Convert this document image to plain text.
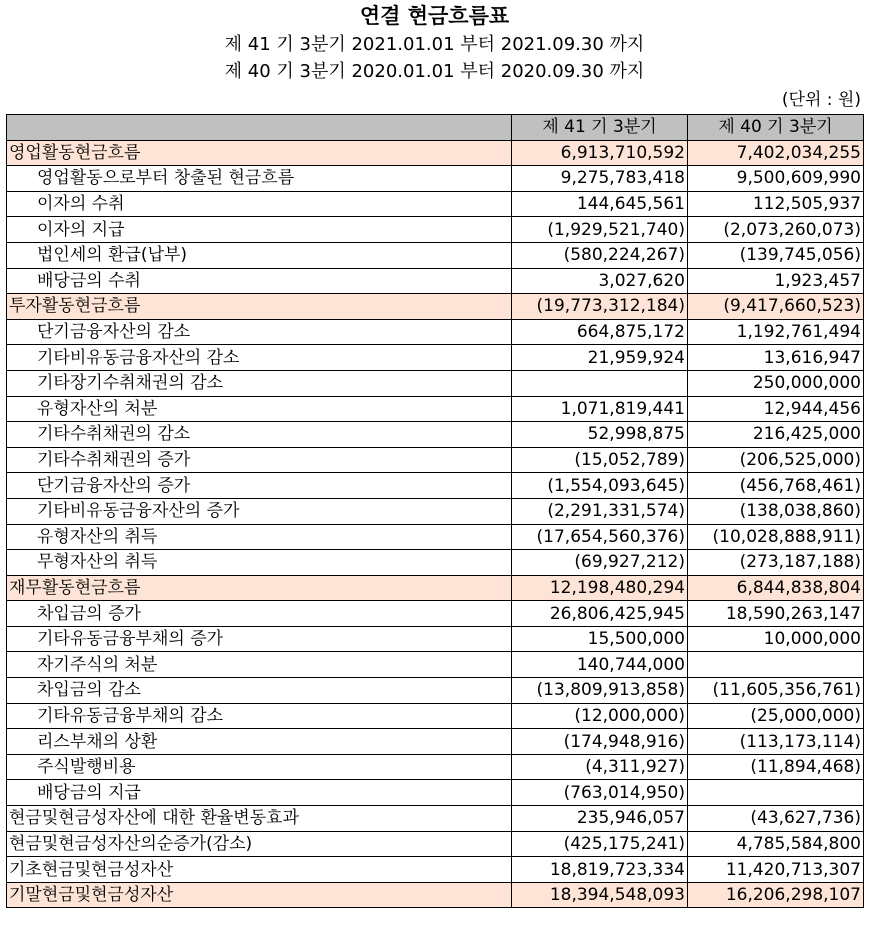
연결 현금흐름표
제 41 기 3분기 2021.01.01 부터 2021.09.30 까지
제 40 기 3분기 2020.01.01 부터 2020.09.30 까지
(단위 : 원)
	제 41 기 3분기	제 40 기 3분기
영업활동현금흐름	6,913,710,592	7,402,034,255
영업활동으로부터 창출된 현금흐름	9,275,783,418	9,500,609,990
이자의 수취	144,645,561	112,505,937
이자의 지급	(1,929,521,740)	(2,073,260,073)
법인세의 환급(납부)	(580,224,267)	(139,745,056)
배당금의 수취	3,027,620	1,923,457
투자활동현금흐름	(19,773,312,184)	(9,417,660,523)
단기금융자산의 감소	664,875,172	1,192,761,494
기타비유동금융자산의 감소	21,959,924	13,616,947
기타장기수취채권의 감소		250,000,000
유형자산의 처분	1,071,819,441	12,944,456
기타수취채권의 감소	52,998,875	216,425,000
기타수취채권의 증가	(15,052,789)	(206,525,000)
단기금융자산의 증가	(1,554,093,645)	(456,768,461)
기타비유동금융자산의 증가	(2,291,331,574)	(138,038,860)
유형자산의 취득	(17,654,560,376)	(10,028,888,911)
무형자산의 취득	(69,927,212)	(273,187,188)
재무활동현금흐름	12,198,480,294	6,844,838,804
차입금의 증가	26,806,425,945	18,590,263,147
기타유동금융부채의 증가	15,500,000	10,000,000
자기주식의 처분	140,744,000	
차입금의 감소	(13,809,913,858)	(11,605,356,761)
기타유동금융부채의 감소	(12,000,000)	(25,000,000)
리스부채의 상환	(174,948,916)	(113,173,114)
주식발행비용	(4,311,927)	(11,894,468)
배당금의 지급	(763,014,950)	
현금및현금성자산에 대한 환율변동효과	235,946,057	(43,627,736)
현금및현금성자산의순증가(감소)	(425,175,241)	4,785,584,800
기초현금및현금성자산	18,819,723,334	11,420,713,307
기말현금및현금성자산	18,394,548,093	16,206,298,107
